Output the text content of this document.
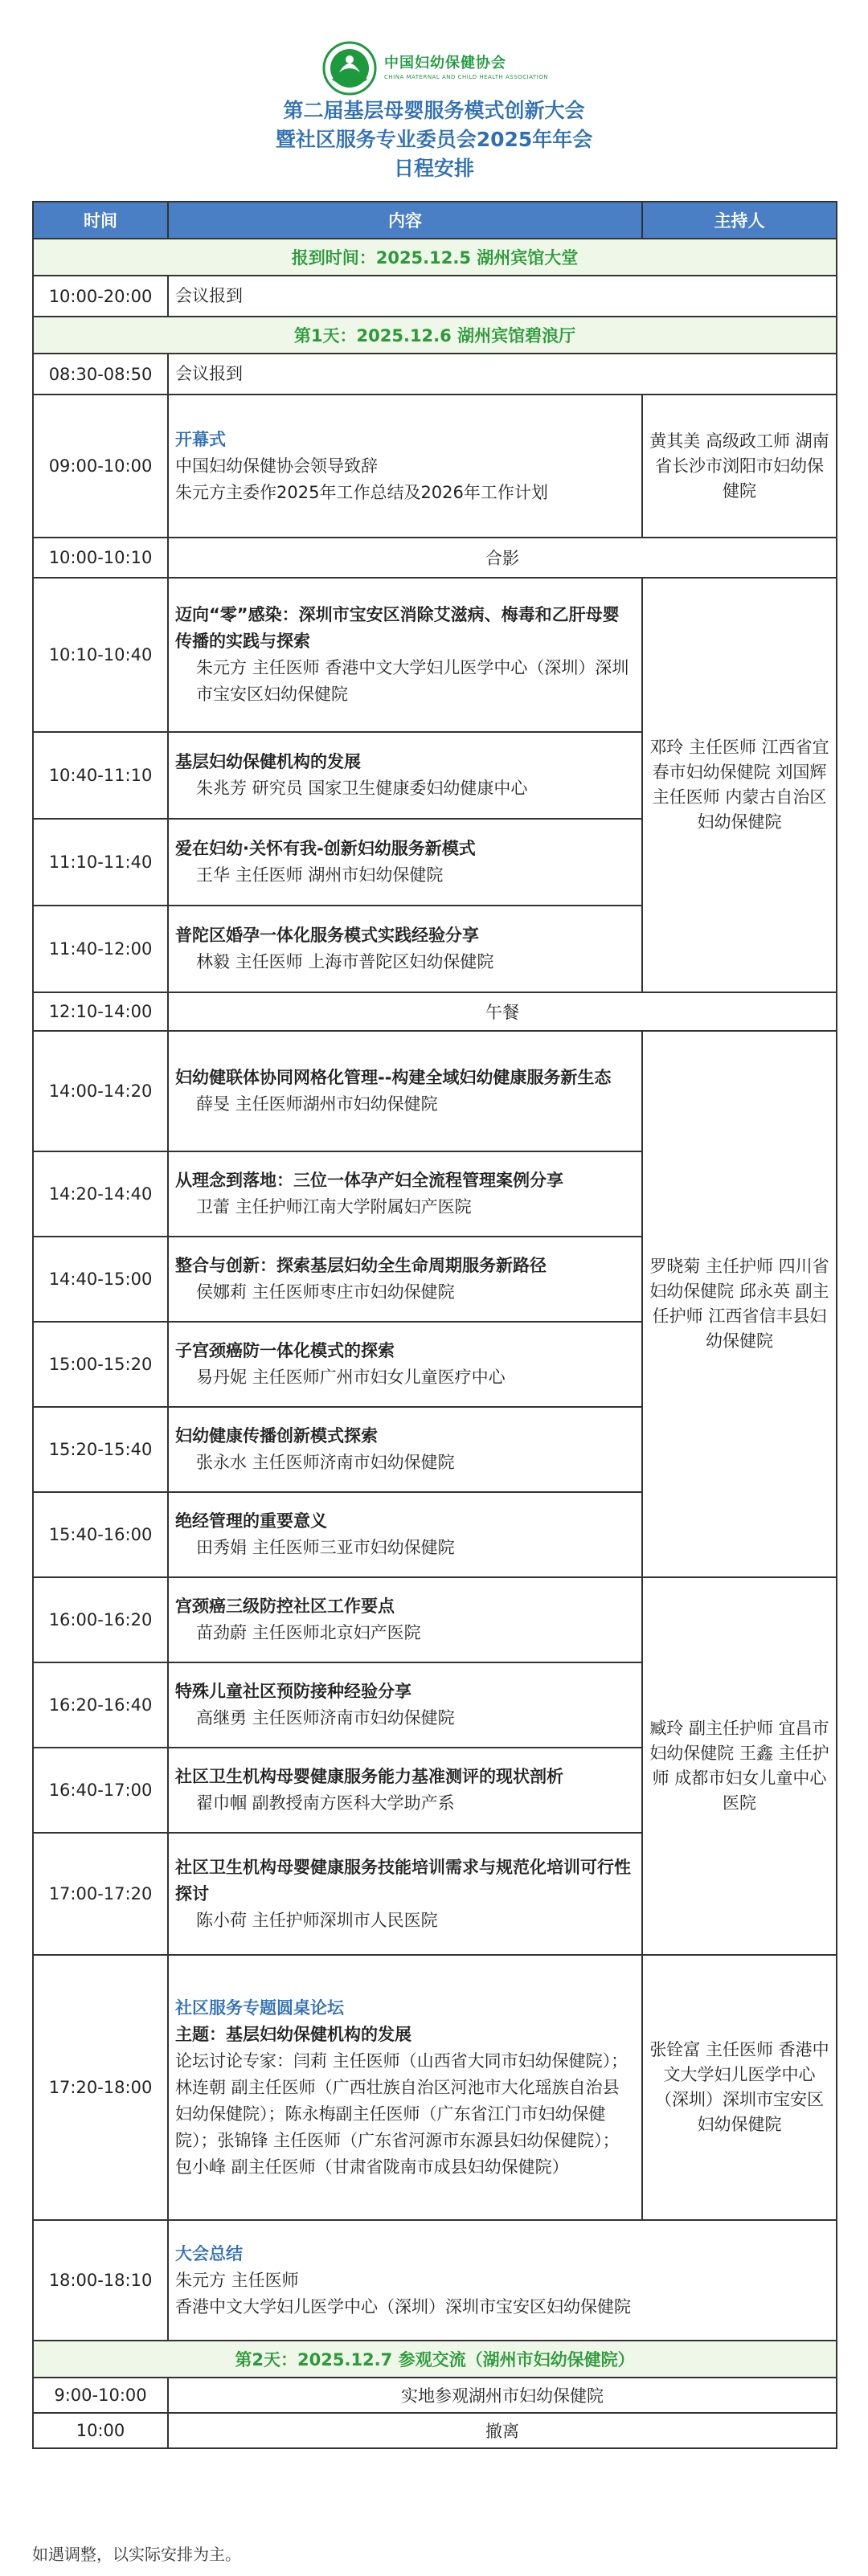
中国妇幼保健协会
CHINA MATERNAL AND CHILD HEALTH ASSOCIATION
第二届基层母婴服务模式创新大会
暨社区服务专业委员会2025年年会
日程安排
时间	内容	主持人
报到时间：2025.12.5 湖州宾馆大堂		
10:00-20:00	会议报到	
第1天：2025.12.6 湖州宾馆碧浪厅		
08:30-08:50	会议报到	
09:00-10:00	开幕式
中国妇幼保健协会领导致辞
朱元方主委作2025年工作总结及2026年工作计划	黄其美 高级政工师 湖南省长沙市浏阳市妇幼保健院
10:00-10:10	合影	
10:10-10:40	迈向“零”感染：深圳市宝安区消除艾滋病、梅毒和乙肝母婴传播的实践与探索
朱元方 主任医师 香港中文大学妇儿医学中心（深圳）深圳市宝安区妇幼保健院	邓玲 主任医师 江西省宜春市妇幼保健院 刘国辉 主任医师 内蒙古自治区妇幼保健院
10:40-11:10	基层妇幼保健机构的发展
朱兆芳 研究员 国家卫生健康委妇幼健康中心	

11:10-11:40	爱在妇幼·关怀有我-创新妇幼服务新模式
王华 主任医师 湖州市妇幼保健院	

11:40-12:00	普陀区婚孕一体化服务模式实践经验分享
林毅 主任医师 上海市普陀区妇幼保健院	

12:10-14:00	午餐	
14:00-14:20	妇幼健联体协同网格化管理--构建全域妇幼健康服务新生态
薛旻 主任医师湖州市妇幼保健院	罗晓菊 主任护师 四川省妇幼保健院 邱永英 副主任护师 江西省信丰县妇幼保健院
14:20-14:40	从理念到落地：三位一体孕产妇全流程管理案例分享
卫蕾 主任护师江南大学附属妇产医院	

14:40-15:00	整合与创新：探索基层妇幼全生命周期服务新路径
侯娜莉 主任医师枣庄市妇幼保健院	

15:00-15:20	子宫颈癌防一体化模式的探索
易丹妮 主任医师广州市妇女儿童医疗中心	

15:20-15:40	妇幼健康传播创新模式探索
张永水 主任医师济南市妇幼保健院	

15:40-16:00	绝经管理的重要意义
田秀娟 主任医师三亚市妇幼保健院	

16:00-16:20	宫颈癌三级防控社区工作要点
苗劲蔚 主任医师北京妇产医院	臧玲 副主任护师 宜昌市妇幼保健院 王鑫 主任护师 成都市妇女儿童中心医院
16:20-16:40	特殊儿童社区预防接种经验分享
高继勇 主任医师济南市妇幼保健院	

16:40-17:00	社区卫生机构母婴健康服务能力基准测评的现状剖析
翟巾帼 副教授南方医科大学助产系	

17:00-17:20	社区卫生机构母婴健康服务技能培训需求与规范化培训可行性探讨
陈小荷 主任护师深圳市人民医院	

17:20-18:00	社区服务专题圆桌论坛
主题：基层妇幼保健机构的发展
论坛讨论专家：闫莉 主任医师（山西省大同市妇幼保健院）；林连朝 副主任医师（广西壮族自治区河池市大化瑶族自治县妇幼保健院）；陈永梅副主任医师（广东省江门市妇幼保健院）；张锦锋 主任医师（广东省河源市东源县妇幼保健院）；包小峰 副主任医师（甘肃省陇南市成县妇幼保健院）	张铨富 主任医师 香港中文大学妇儿医学中心（深圳）深圳市宝安区妇幼保健院
18:00-18:10	大会总结
朱元方 主任医师
香港中文大学妇儿医学中心（深圳）深圳市宝安区妇幼保健院	

第2天：2025.12.7 参观交流（湖州市妇幼保健院）		
9:00-10:00	实地参观湖州市妇幼保健院	
10:00	撤离	
如遇调整，以实际安排为主。
